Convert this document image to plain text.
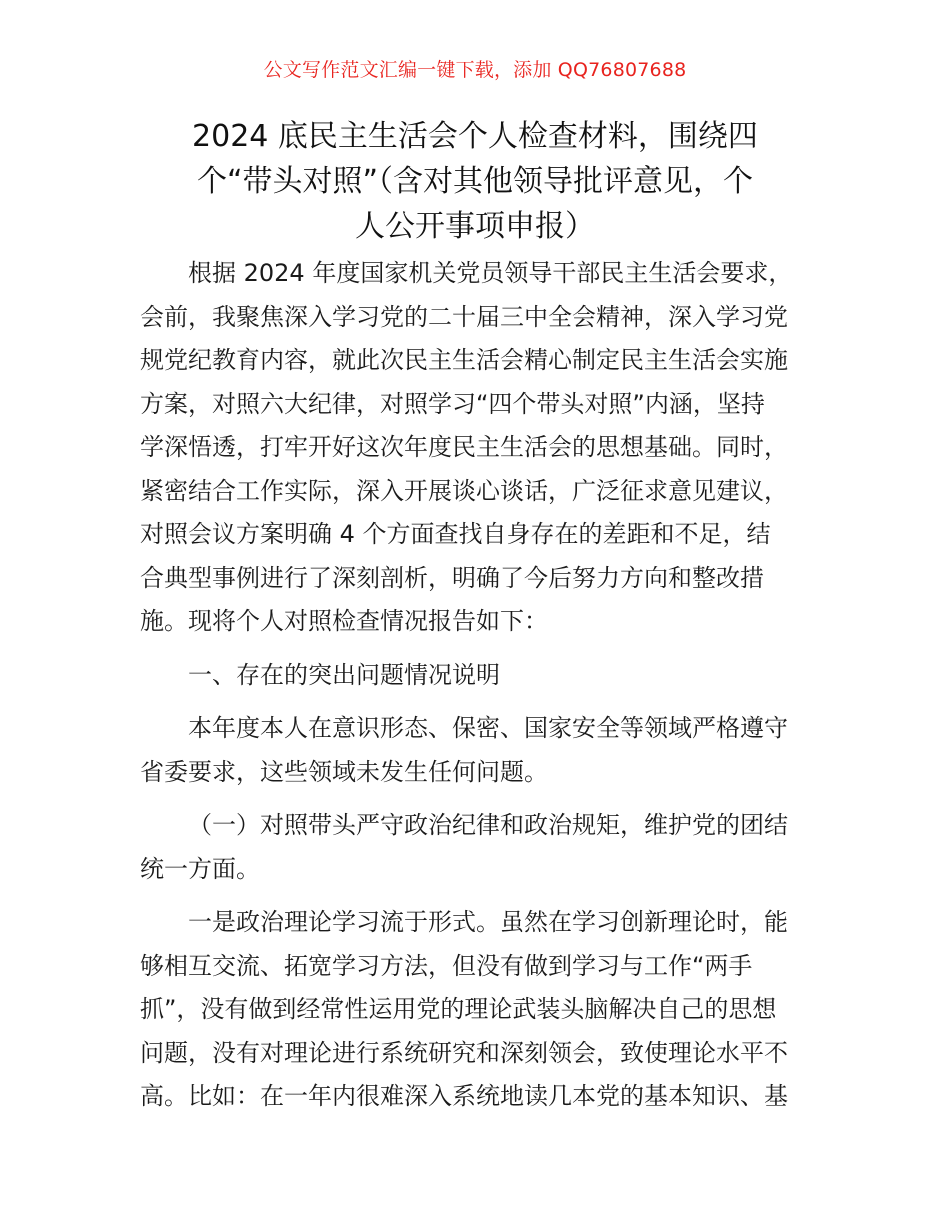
公文写作范文汇编一键下载，添加 QQ76807688
2024 底民主生活会个人检查材料，围绕四
个“带头对照”（含对其他领导批评意见，个
人公开事项申报）
根据 2024 年度国家机关党员领导干部民主生活会要求，
会前，我聚焦深入学习党的二十届三中全会精神，深入学习党
规党纪教育内容，就此次民主生活会精心制定民主生活会实施
方案，对照六大纪律，对照学习“四个带头对照”内涵，坚持
学深悟透，打牢开好这次年度民主生活会的思想基础。同时，
紧密结合工作实际，深入开展谈心谈话，广泛征求意见建议，
对照会议方案明确 4 个方面查找自身存在的差距和不足，结
合典型事例进行了深刻剖析，明确了今后努力方向和整改措
施。现将个人对照检查情况报告如下：
一、存在的突出问题情况说明
本年度本人在意识形态、保密、国家安全等领域严格遵守
省委要求，这些领域未发生任何问题。
（一）对照带头严守政治纪律和政治规矩，维护党的团结
统一方面。
一是政治理论学习流于形式。虽然在学习创新理论时，能
够相互交流、拓宽学习方法，但没有做到学习与工作“两手
抓”，没有做到经常性运用党的理论武装头脑解决自己的思想
问题，没有对理论进行系统研究和深刻领会，致使理论水平不
高。比如：在一年内很难深入系统地读几本党的基本知识、基
